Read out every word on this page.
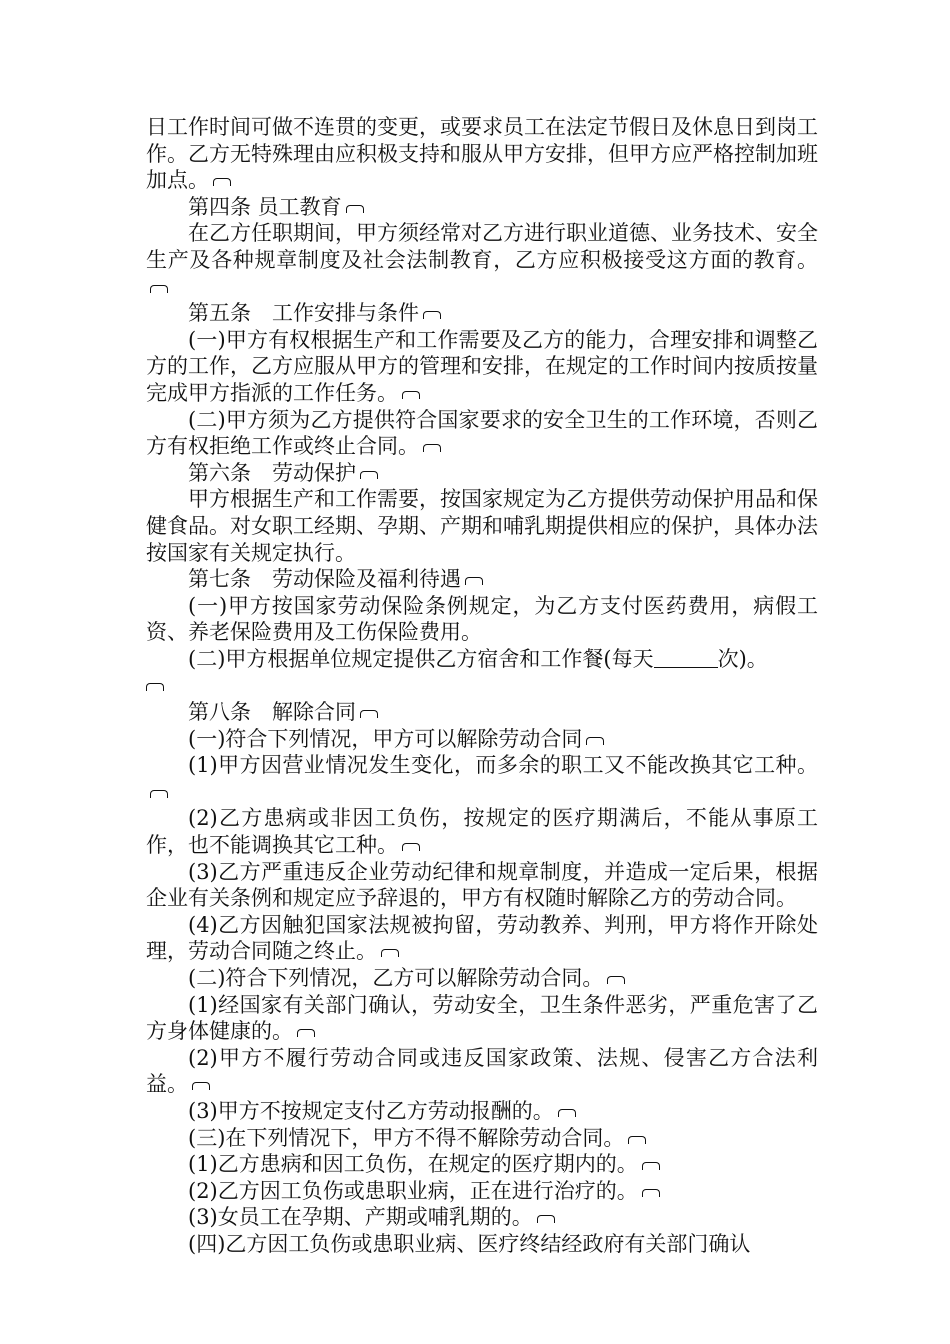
日工作时间可做不连贯的变更，或要求员工在法定节假日及休息日到岗工作。乙方无特殊理由应积极支持和服从甲方安排，但甲方应严格控制加班加点。

第四条 员工教育

在乙方任职期间，甲方须经常对乙方进行职业道德、业务技术、安全生产及各种规章制度及社会法制教育，乙方应积极接受这方面的教育。

第五条　工作安排与条件

(一)甲方有权根据生产和工作需要及乙方的能力，合理安排和调整乙方的工作，乙方应服从甲方的管理和安排，在规定的工作时间内按质按量完成甲方指派的工作任务。

(二)甲方须为乙方提供符合国家要求的安全卫生的工作环境，否则乙方有权拒绝工作或终止合同。

第六条　劳动保护

甲方根据生产和工作需要，按国家规定为乙方提供劳动保护用品和保健食品。对女职工经期、孕期、产期和哺乳期提供相应的保护，具体办法按国家有关规定执行。

第七条　劳动保险及福利待遇

(一)甲方按国家劳动保险条例规定，为乙方支付医药费用，病假工资、养老保险费用及工伤保险费用。

(二)甲方根据单位规定提供乙方宿舍和工作餐(每天	次)。

第八条　解除合同

(一)符合下列情况，甲方可以解除劳动合同

(1)甲方因营业情况发生变化，而多余的职工又不能改换其它工种。

(2)乙方患病或非因工负伤，按规定的医疗期满后，不能从事原工作，也不能调换其它工种。

(3)乙方严重违反企业劳动纪律和规章制度，并造成一定后果，根据企业有关条例和规定应予辞退的，甲方有权随时解除乙方的劳动合同。

(4)乙方因触犯国家法规被拘留，劳动教养、判刑，甲方将作开除处理，劳动合同随之终止。

(二)符合下列情况，乙方可以解除劳动合同。

(1)经国家有关部门确认，劳动安全，卫生条件恶劣，严重危害了乙方身体健康的。

(2)甲方不履行劳动合同或违反国家政策、法规、侵害乙方合法利益。

(3)甲方不按规定支付乙方劳动报酬的。

(三)在下列情况下，甲方不得不解除劳动合同。

(1)乙方患病和因工负伤，在规定的医疗期内的。

(2)乙方因工负伤或患职业病，正在进行治疗的。

(3)女员工在孕期、产期或哺乳期的。

(四)乙方因工负伤或患职业病、医疗终结经政府有关部门确认
